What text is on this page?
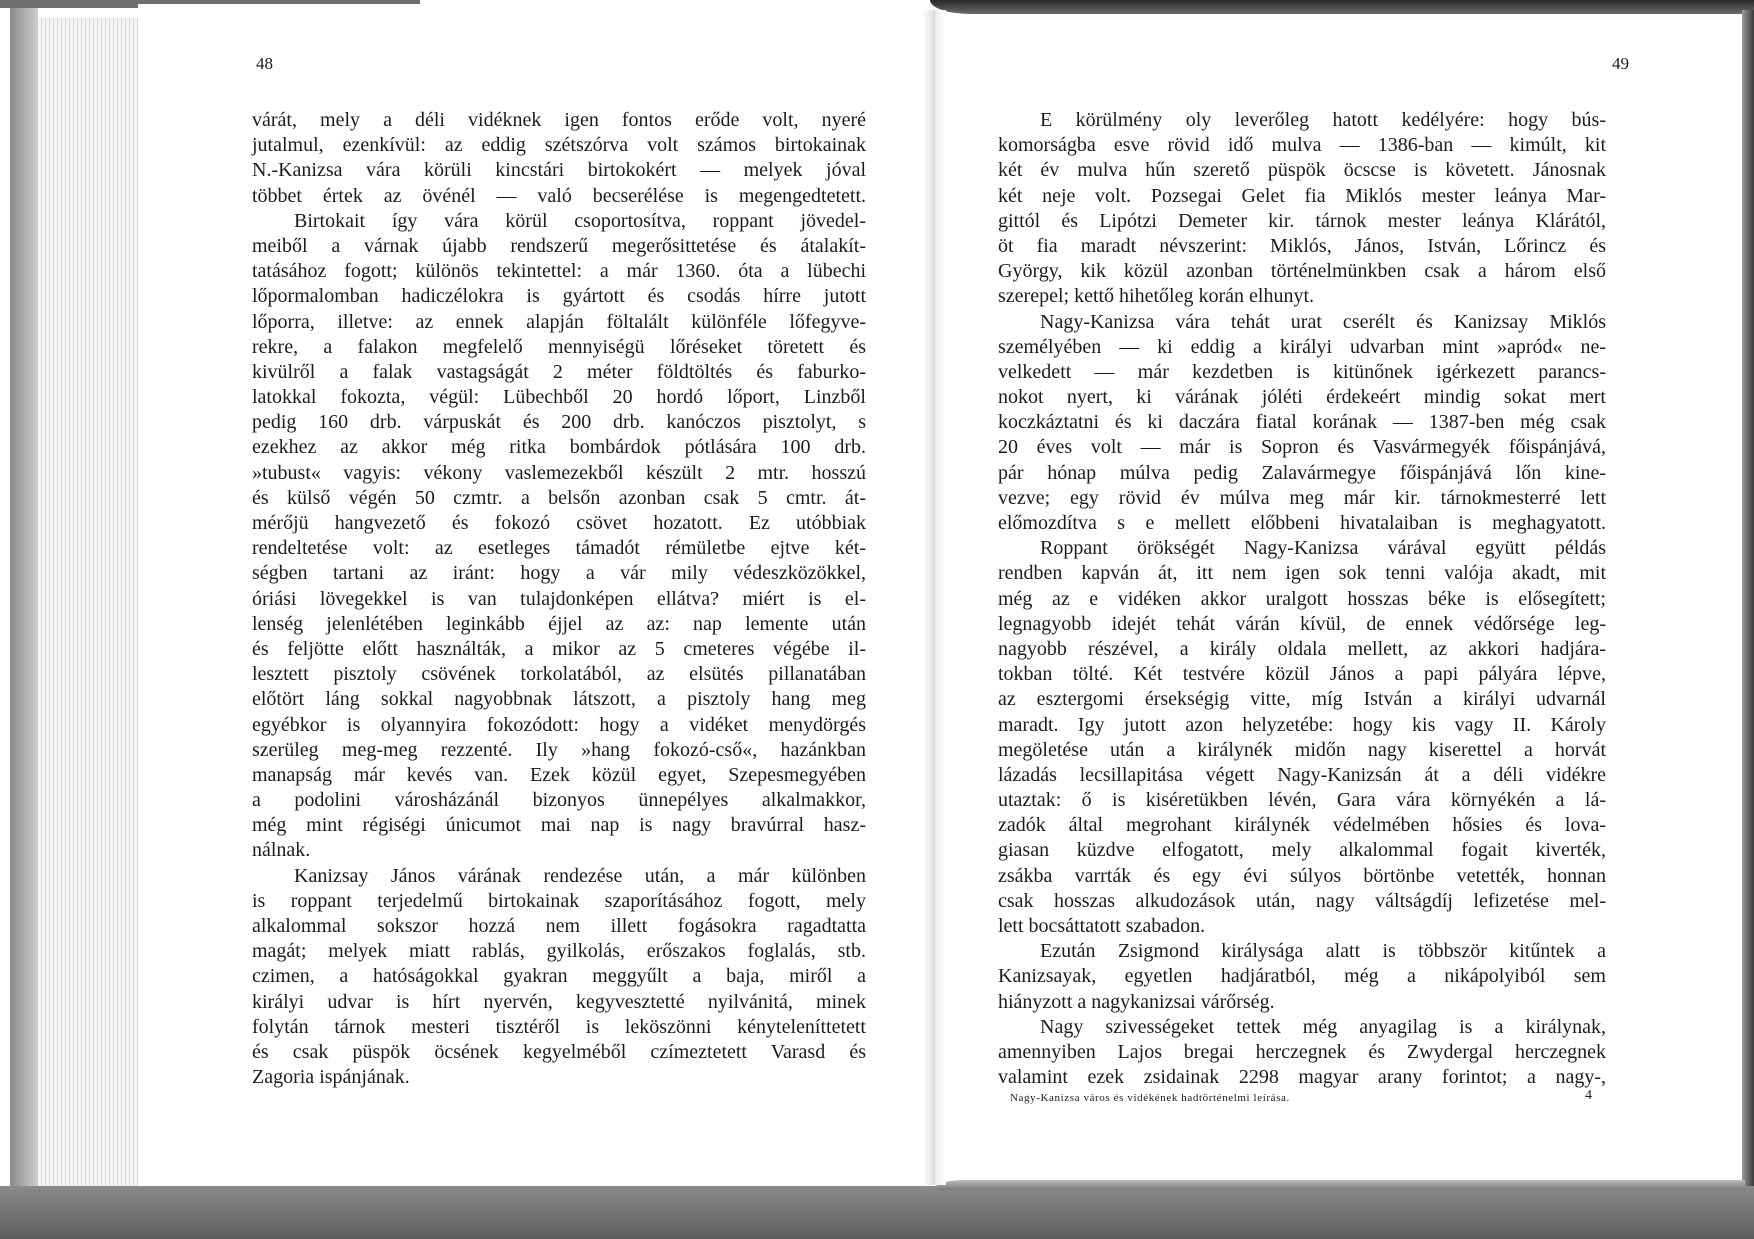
48	49
várát, mely a déli vidéknek igen fontos erőde volt, nyeré
jutalmul, ezenkívül: az eddig szétszórva volt számos birtokainak
N.-Kanizsa vára körüli kincstári birtokokért — melyek jóval
többet értek az övénél — való becserélése is megengedtetett.
Birtokait így vára körül csoportosítva, roppant jövedel-
meiből a várnak újabb rendszerű megerősittetése és átalakít-
tatásához fogott; különös tekintettel: a már 1360. óta a lübechi
lőpormalomban hadiczélokra is gyártott és csodás hírre jutott
lőporra, illetve: az ennek alapján föltalált különféle lőfegyve-
rekre, a falakon megfelelő mennyiségü lőréseket töretett és
kivülről a falak vastagságát 2 méter földtöltés és faburko-
latokkal fokozta, végül: Lübechből 20 hordó lőport, Linzből
pedig 160 drb. várpuskát és 200 drb. kanóczos pisztolyt, s
ezekhez az akkor még ritka bombárdok pótlására 100 drb.
»tubust« vagyis: vékony vaslemezekből készült 2 mtr. hosszú
és külső végén 50 czmtr. a belsőn azonban csak 5 cmtr. át-
mérőjü hangvezető és fokozó csövet hozatott. Ez utóbbiak
rendeltetése volt: az esetleges támadót rémületbe ejtve két-
ségben tartani az iránt: hogy a vár mily védeszközökkel,
óriási lövegekkel is van tulajdonképen ellátva? miért is el-
lenség jelenlétében leginkább éjjel az az: nap lemente után
és feljötte előtt használták, a mikor az 5 cmeteres végébe il-
lesztett pisztoly csövének torkolatából, az elsütés pillanatában
előtört láng sokkal nagyobbnak látszott, a pisztoly hang meg
egyébkor is olyannyira fokozódott: hogy a vidéket menydörgés
szerüleg meg-meg rezzenté. Ily »hang fokozó-cső«, hazánkban
manapság már kevés van. Ezek közül egyet, Szepesmegyében
a podolini városházánál bizonyos ünnepélyes alkalmakkor,
még mint régiségi únicumot mai nap is nagy bravúrral hasz-
nálnak.
Kanizsay János várának rendezése után, a már különben
is roppant terjedelmű birtokainak szaporításához fogott, mely
alkalommal sokszor hozzá nem illett fogásokra ragadtatta
magát; melyek miatt rablás, gyilkolás, erőszakos foglalás, stb.
czimen, a hatóságokkal gyakran meggyűlt a baja, miről a
királyi udvar is hírt nyervén, kegyvesztetté nyilvánitá, minek
folytán tárnok mesteri tisztéről is leköszönni kényteleníttetett
és csak püspök öcsének kegyelméből czímeztetett Varasd és
Zagoria ispánjának.
E körülmény oly leverőleg hatott kedélyére: hogy bús-
komorságba esve rövid idő mulva — 1386-ban — kimúlt, kit
két év mulva hűn szerető püspök öcscse is követett. Jánosnak
két neje volt. Pozsegai Gelet fia Miklós mester leánya Mar-
gittól és Lipótzi Demeter kir. tárnok mester leánya Klárától,
öt fia maradt névszerint: Miklós, János, István, Lőrincz és
György, kik közül azonban történelmünkben csak a három első
szerepel; kettő hihetőleg korán elhunyt.
Nagy-Kanizsa vára tehát urat cserélt és Kanizsay Miklós
személyében — ki eddig a királyi udvarban mint »apród« ne-
velkedett — már kezdetben is kitünőnek igérkezett parancs-
nokot nyert, ki várának jóléti érdekeért mindig sokat mert
koczkáztatni és ki daczára fiatal korának — 1387-ben még csak
20 éves volt — már is Sopron és Vasvármegyék főispánjává,
pár hónap múlva pedig Zalavármegye főispánjává lőn kine-
vezve; egy rövid év múlva meg már kir. tárnokmesterré lett
előmozdítva s e mellett előbbeni hivatalaiban is meghagyatott.
Roppant örökségét Nagy-Kanizsa várával együtt példás
rendben kapván át, itt nem igen sok tenni valója akadt, mit
még az e vidéken akkor uralgott hosszas béke is elősegített;
legnagyobb idejét tehát várán kívül, de ennek védőrsége leg-
nagyobb részével, a király oldala mellett, az akkori hadjára-
tokban tölté. Két testvére közül János a papi pályára lépve,
az esztergomi érsekségig vitte, míg István a királyi udvarnál
maradt. Igy jutott azon helyzetébe: hogy kis vagy II. Károly
megöletése után a királynék midőn nagy kiserettel a horvát
lázadás lecsillapitása végett Nagy-Kanizsán át a déli vidékre
utaztak: ő is kiséretükben lévén, Gara vára környékén a lá-
zadók által megrohant királynék védelmében hősies és lova-
giasan küzdve elfogatott, mely alkalommal fogait kiverték,
zsákba varrták és egy évi súlyos börtönbe vetették, honnan
csak hosszas alkudozások után, nagy váltságdíj lefizetése mel-
lett bocsáttatott szabadon.
Ezután Zsigmond királysága alatt is többször kitűntek a
Kanizsayak, egyetlen hadjáratból, még a nikápolyiból sem
hiányzott a nagykanizsai várőrség.
Nagy szivességeket tettek még anyagilag is a királynak,
amennyiben Lajos bregai herczegnek és Zwydergal herczegnek
valamint ezek zsidainak 2298 magyar arany forintot; a nagy-,
Nagy-Kanizsa város és vidékének hadtörténelmi leírása.	4
